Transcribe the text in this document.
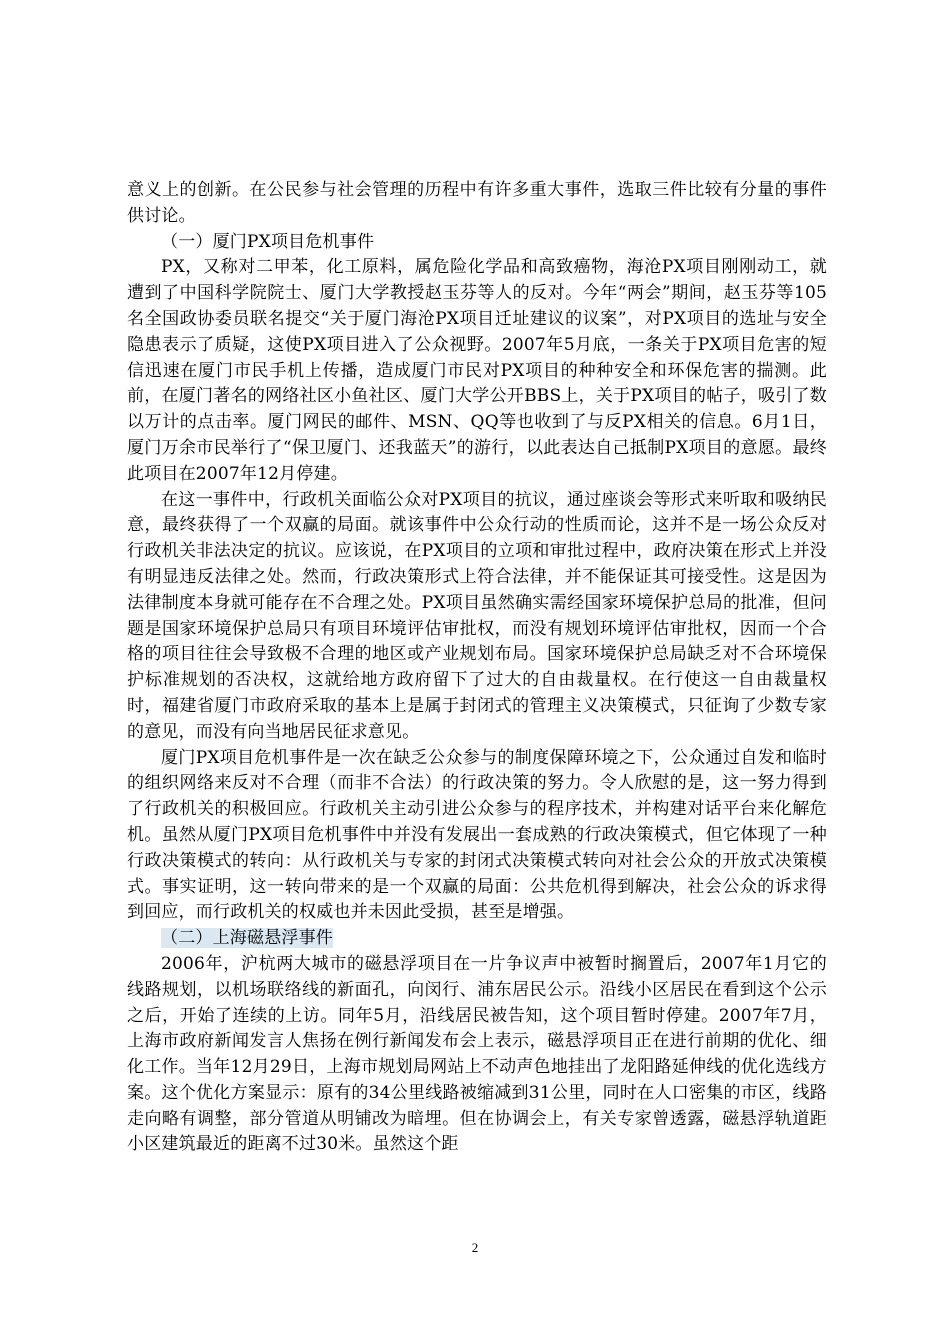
意义上的创新。在公民参与社会管理的历程中有许多重大事件，选取三件比较有分量的事件供讨论。

（一）厦门PX项目危机事件

PX，又称对二甲苯，化工原料，属危险化学品和高致癌物，海沧PX项目刚刚动工，就遭到了中国科学院院士、厦门大学教授赵玉芬等人的反对。今年“两会”期间，赵玉芬等105名全国政协委员联名提交“关于厦门海沧PX项目迁址建议的议案”，对PX项目的选址与安全隐患表示了质疑，这使PX项目进入了公众视野。2007年5月底，一条关于PX项目危害的短信迅速在厦门市民手机上传播，造成厦门市民对PX项目的种种安全和环保危害的揣测。此前，在厦门著名的网络社区小鱼社区、厦门大学公开BBS上，关于PX项目的帖子，吸引了数以万计的点击率。厦门网民的邮件、MSN、QQ等也收到了与反PX相关的信息。6月1日，厦门万余市民举行了“保卫厦门、还我蓝天”的游行，以此表达自己抵制PX项目的意愿。最终此项目在2007年12月停建。

在这一事件中，行政机关面临公众对PX项目的抗议，通过座谈会等形式来听取和吸纳民意，最终获得了一个双赢的局面。就该事件中公众行动的性质而论，这并不是一场公众反对行政机关非法决定的抗议。应该说，在PX项目的立项和审批过程中，政府决策在形式上并没有明显违反法律之处。然而，行政决策形式上符合法律，并不能保证其可接受性。这是因为法律制度本身就可能存在不合理之处。PX项目虽然确实需经国家环境保护总局的批准，但问题是国家环境保护总局只有项目环境评估审批权，而没有规划环境评估审批权，因而一个合格的项目往往会导致极不合理的地区或产业规划布局。国家环境保护总局缺乏对不合环境保护标准规划的否决权，这就给地方政府留下了过大的自由裁量权。在行使这一自由裁量权时，福建省厦门市政府采取的基本上是属于封闭式的管理主义决策模式，只征询了少数专家的意见，而没有向当地居民征求意见。

厦门PX项目危机事件是一次在缺乏公众参与的制度保障环境之下，公众通过自发和临时的组织网络来反对不合理（而非不合法）的行政决策的努力。令人欣慰的是，这一努力得到了行政机关的积极回应。行政机关主动引进公众参与的程序技术，并构建对话平台来化解危机。虽然从厦门PX项目危机事件中并没有发展出一套成熟的行政决策模式，但它体现了一种行政决策模式的转向：从行政机关与专家的封闭式决策模式转向对社会公众的开放式决策模式。事实证明，这一转向带来的是一个双赢的局面：公共危机得到解决，社会公众的诉求得到回应，而行政机关的权威也并未因此受损，甚至是增强。

（二）上海磁悬浮事件

2006年，沪杭两大城市的磁悬浮项目在一片争议声中被暂时搁置后，2007年1月它的线路规划，以机场联络线的新面孔，向闵行、浦东居民公示。沿线小区居民在看到这个公示之后，开始了连续的上访。同年5月，沿线居民被告知，这个项目暂时停建。2007年7月，上海市政府新闻发言人焦扬在例行新闻发布会上表示，磁悬浮项目正在进行前期的优化、细化工作。当年12月29日，上海市规划局网站上不动声色地挂出了龙阳路延伸线的优化选线方案。这个优化方案显示：原有的34公里线路被缩减到31公里，同时在人口密集的市区，线路走向略有调整，部分管道从明铺改为暗埋。但在协调会上，有关专家曾透露，磁悬浮轨道距小区建筑最近的距离不过30米。虽然这个距

2
